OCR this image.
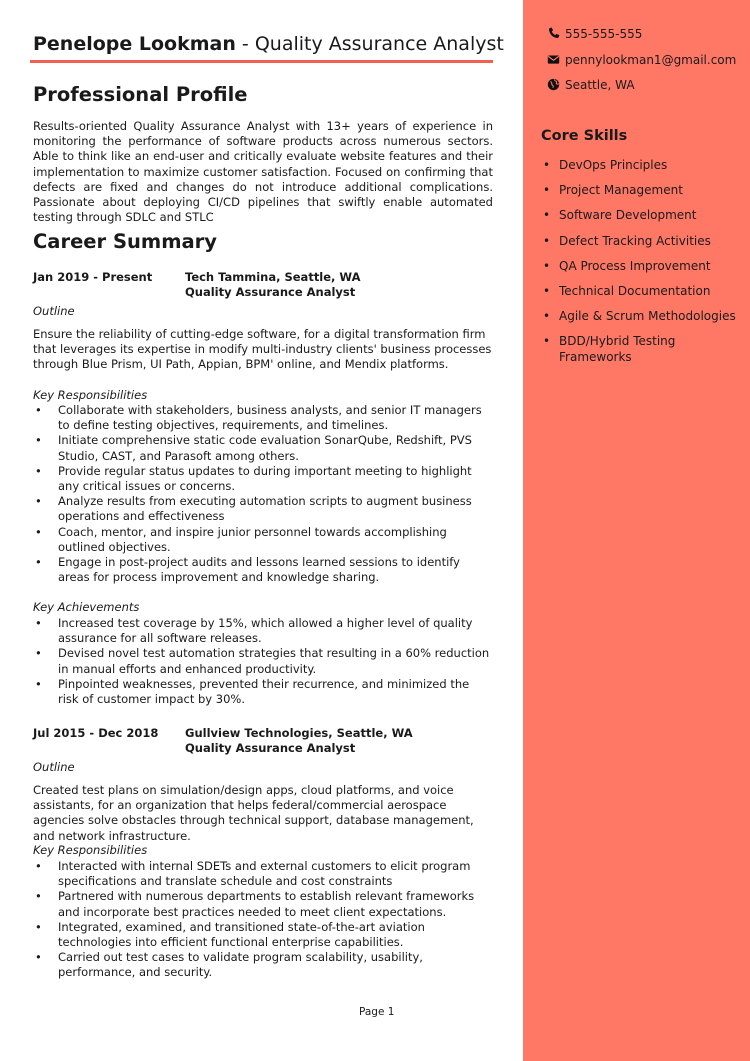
Penelope Lookman - Quality Assurance Analyst
Professional Profile

Results-oriented Quality Assurance Analyst with 13+ years of experience in monitoring the performance of software products across numerous sectors. Able to think like an end-user and critically evaluate website features and their implementation to maximize customer satisfaction. Focused on confirming that defects are fixed and changes do not introduce additional complications. Passionate about deploying CI/CD pipelines that swiftly enable automated testing through SDLC and STLC

Career Summary
Jan 2019 - Present	Tech Tammina, Seattle, WA
Quality Assurance Analyst
Outline

Ensure the reliability of cutting-edge software, for a digital transformation firm that leverages its expertise in modify multi-industry clients' business processes through Blue Prism, UI Path, Appian, BPM' online, and Mendix platforms.

Key Responsibilities
• Collaborate with stakeholders, business analysts, and senior IT managers to define testing objectives, requirements, and timelines.
• Initiate comprehensive static code evaluation SonarQube, Redshift, PVS Studio, CAST, and Parasoft among others.
• Provide regular status updates to during important meeting to highlight any critical issues or concerns.
• Analyze results from executing automation scripts to augment business operations and effectiveness
• Coach, mentor, and inspire junior personnel towards accomplishing outlined objectives.
• Engage in post-project audits and lessons learned sessions to identify areas for process improvement and knowledge sharing.
Key Achievements
• Increased test coverage by 15%, which allowed a higher level of quality assurance for all software releases.
• Devised novel test automation strategies that resulting in a 60% reduction in manual efforts and enhanced productivity.
• Pinpointed weaknesses, prevented their recurrence, and minimized the risk of customer impact by 30%.
Jul 2015 - Dec 2018 Gullview Technologies, Seattle, WA
Quality Assurance Analyst
Outline

Created test plans on simulation/design apps, cloud platforms, and voice assistants, for an organization that helps federal/commercial aerospace agencies solve obstacles through technical support, database management, and network infrastructure.

Key Responsibilities
• Interacted with internal SDETs and external customers to elicit program specifications and translate schedule and cost constraints
• Partnered with numerous departments to establish relevant frameworks and incorporate best practices needed to meet client expectations.
• Integrated, examined, and transitioned state-of-the-art aviation technologies into efficient functional enterprise capabilities.
• Carried out test cases to validate program scalability, usability, performance, and security.
Page 1
555-555-555
pennylookman1@gmail.com
Seattle, WA
Core Skills
• DevOps Principles
• Project Management
• Software Development
• Defect Tracking Activities
• QA Process Improvement
• Technical Documentation
• Agile & Scrum Methodologies
• BDD/Hybrid Testing Frameworks
